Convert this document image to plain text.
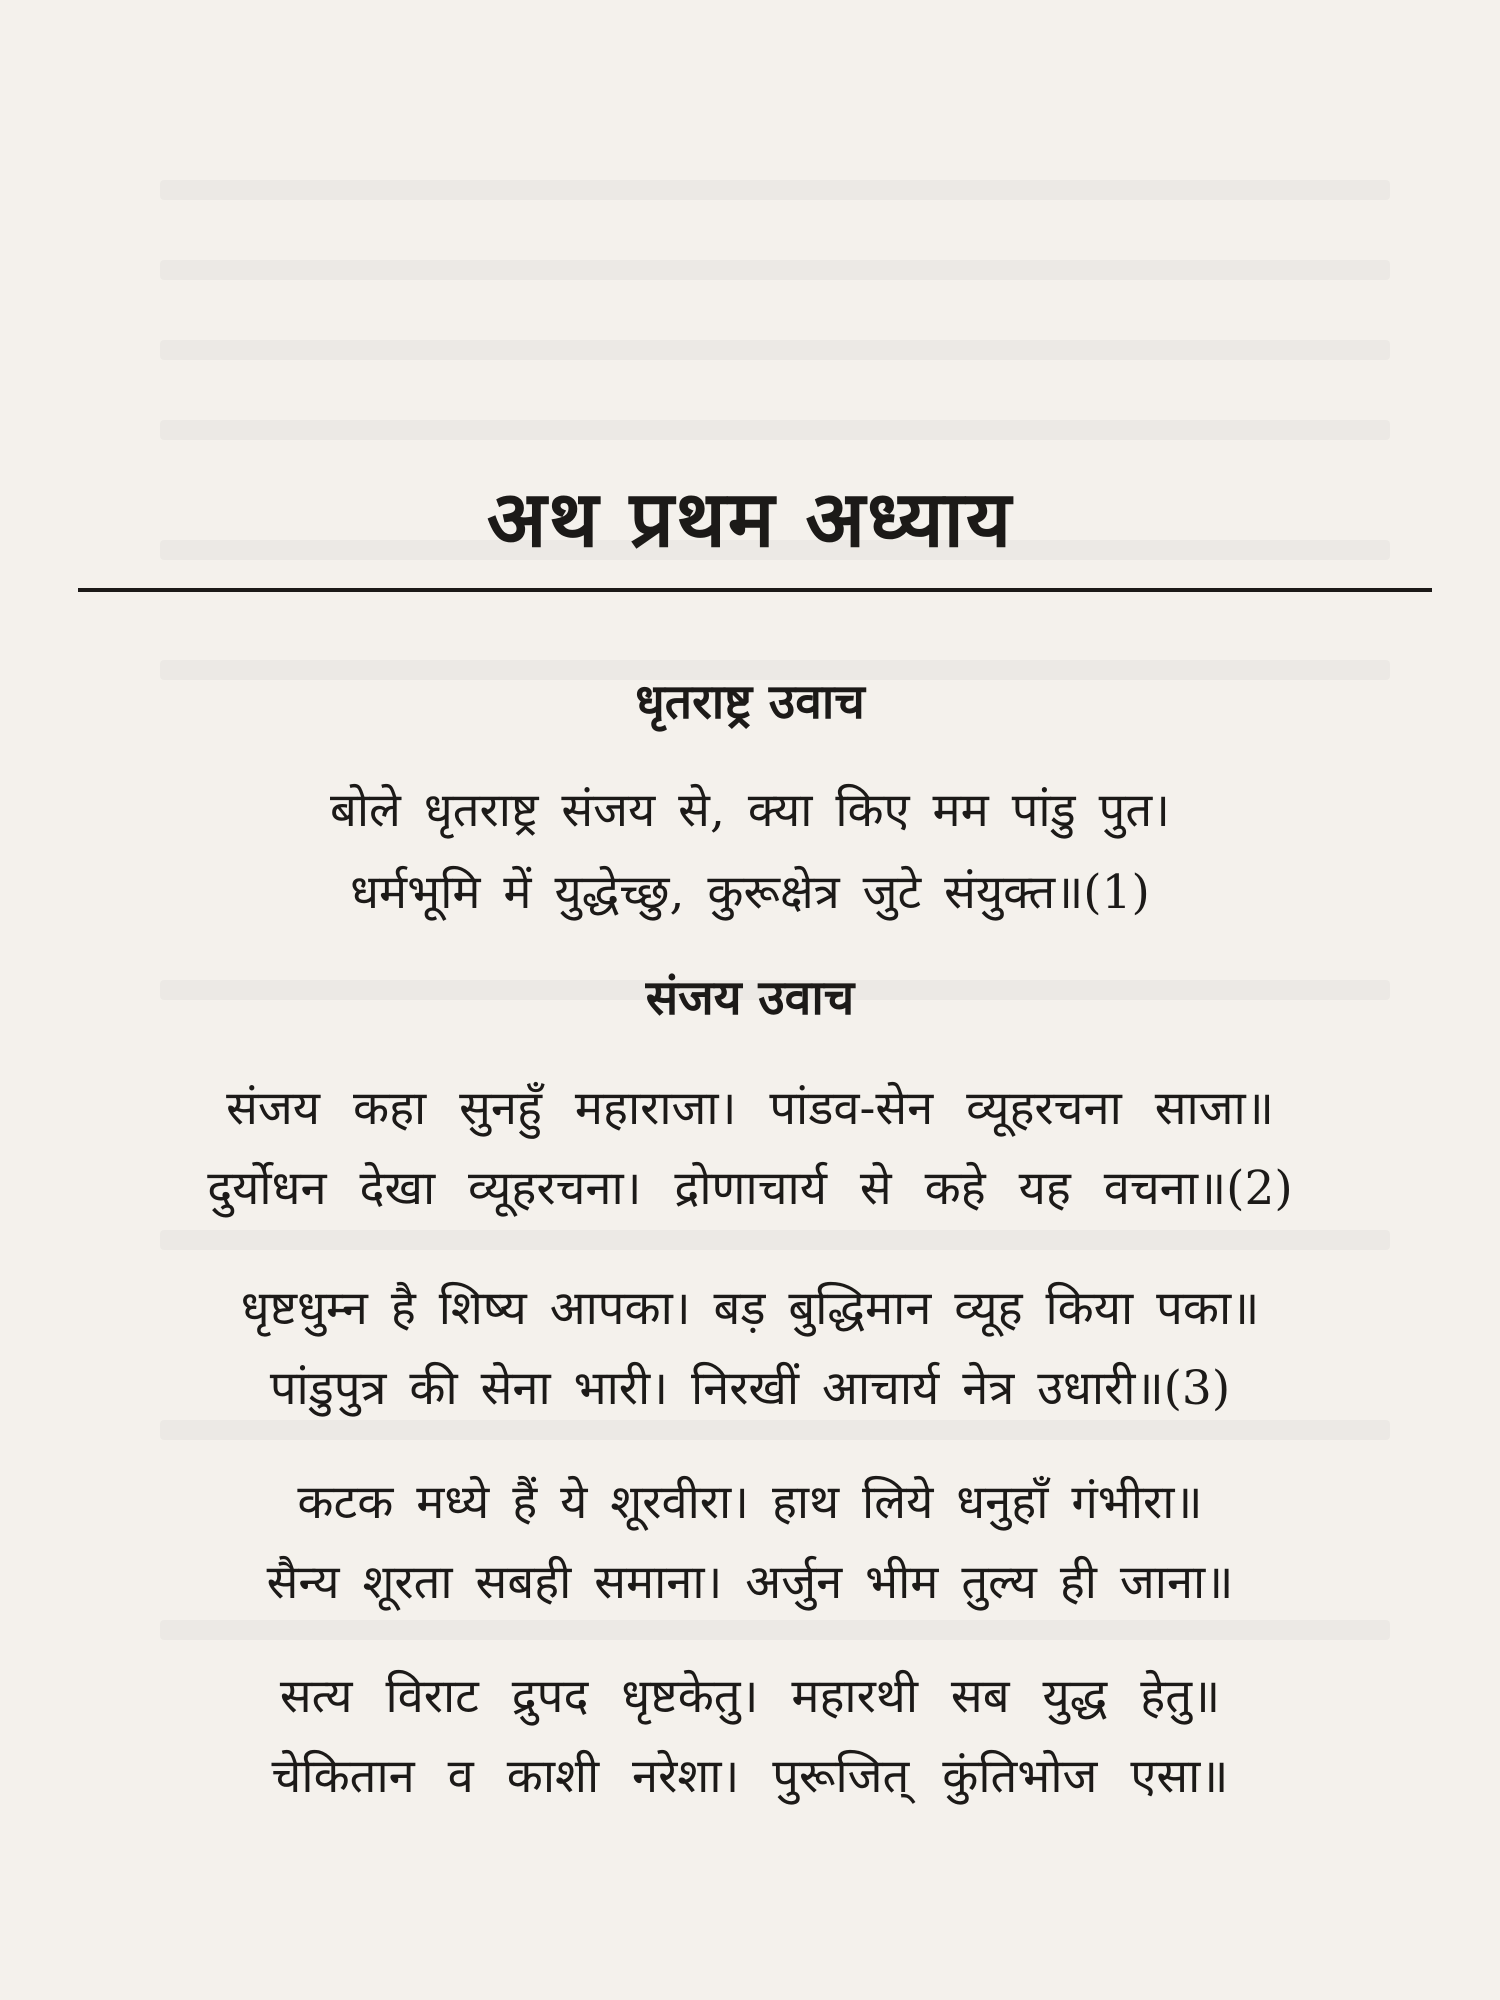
अथ प्रथम अध्याय
धृतराष्ट्र उवाच
बोले धृतराष्ट्र संजय से, क्या किए मम पांडु पुत।
धर्मभूमि में युद्धेच्छु, कुरूक्षेत्र जुटे संयुक्त॥(1)
संजय उवाच
संजय कहा सुनहुँ महाराजा। पांडव-सेन व्यूहरचना साजा॥
दुर्योधन देखा व्यूहरचना। द्रोणाचार्य से कहे यह वचना॥(2)
धृष्टधुम्न है शिष्य आपका। बड़ बुद्धिमान व्यूह किया पका॥
पांडुपुत्र की सेना भारी। निरखीं आचार्य नेत्र उधारी॥(3)
कटक मध्ये हैं ये शूरवीरा। हाथ लिये धनुहाँ गंभीरा॥
सैन्य शूरता सबही समाना। अर्जुन भीम तुल्य ही जाना॥
सत्य विराट द्रुपद धृष्टकेतु। महारथी सब युद्ध हेतु॥
चेकितान व काशी नरेशा। पुरूजित् कुंतिभोज एसा॥
